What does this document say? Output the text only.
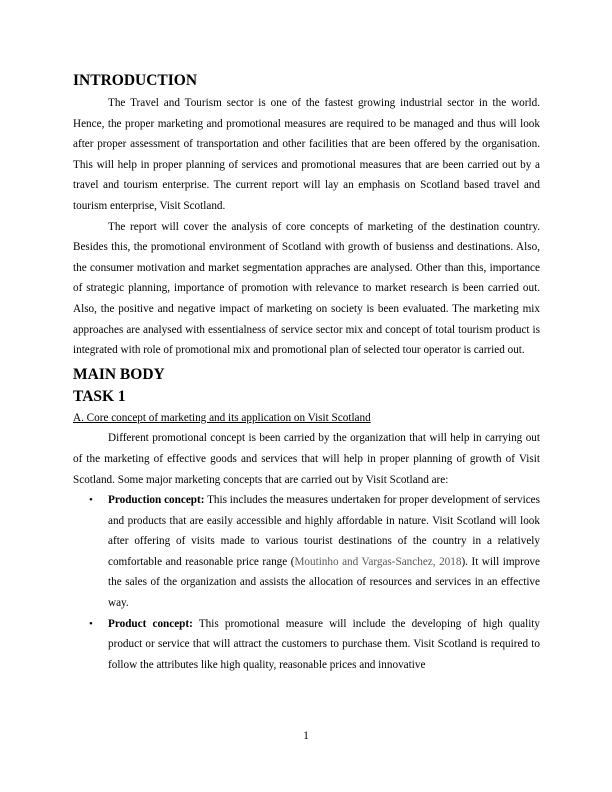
INTRODUCTION

The Travel and Tourism sector is one of the fastest growing industrial sector in the world. Hence, the proper marketing and promotional measures are required to be managed and thus will look after proper assessment of transportation and other facilities that are been offered by the organisation. This will help in proper planning of services and promotional measures that are been carried out by a travel and tourism enterprise. The current report will lay an emphasis on Scotland based travel and tourism enterprise, Visit Scotland.

The report will cover the analysis of core concepts of marketing of the destination country. Besides this, the promotional environment of Scotland with growth of busienss and destinations. Also, the consumer motivation and market segmentation appraches are analysed. Other than this, importance of strategic planning, importance of promotion with relevance to market research is been carried out. Also, the positive and negative impact of marketing on society is been evaluated. The marketing mix approaches are analysed with essentialness of service sector mix and concept of total tourism product is integrated with role of promotional mix and promotional plan of selected tour operator is carried out.

MAIN BODY
TASK 1
A. Core concept of marketing and its application on Visit Scotland

Different promotional concept is been carried by the organization that will help in carrying out of the marketing of effective goods and services that will help in proper planning of growth of Visit Scotland. Some major marketing concepts that are carried out by Visit Scotland are:

• Production concept: This includes the measures undertaken for proper development of services and products that are easily accessible and highly affordable in nature. Visit Scotland will look after offering of visits made to various tourist destinations of the country in a relatively comfortable and reasonable price range (Moutinho and Vargas-Sanchez, 2018). It will improve the sales of the organization and assists the allocation of resources and services in an effective way.
• Product concept: This promotional measure will include the developing of high quality product or service that will attract the customers to purchase them. Visit Scotland is required to follow the attributes like high quality, reasonable prices and innovative
1
